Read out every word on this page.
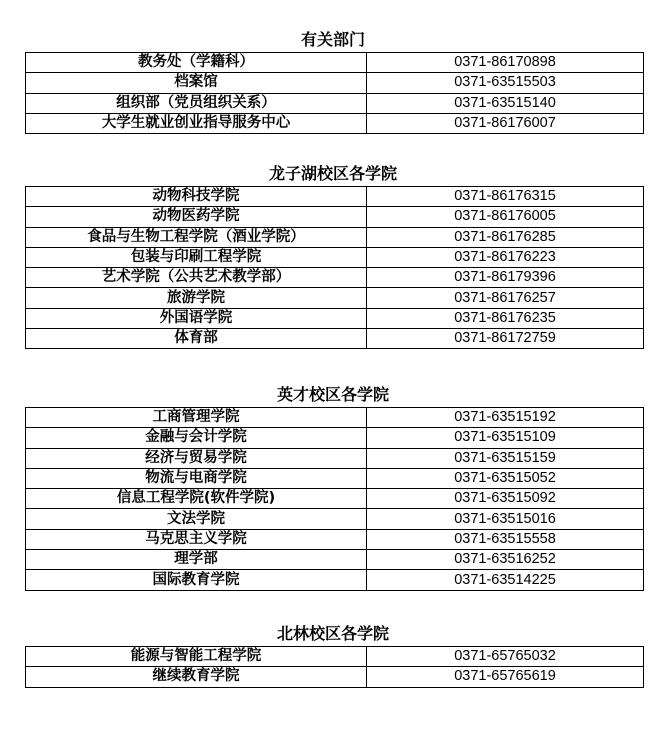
有关部门
教务处（学籍科）	0371-86170898
档案馆	0371-63515503
组织部（党员组织关系）	0371-63515140
大学生就业创业指导服务中心	0371-86176007
龙子湖校区各学院
动物科技学院	0371-86176315
动物医药学院	0371-86176005
食品与生物工程学院（酒业学院）	0371-86176285
包装与印刷工程学院	0371-86176223
艺术学院（公共艺术教学部）	0371-86179396
旅游学院	0371-86176257
外国语学院	0371-86176235
体育部	0371-86172759
英才校区各学院
工商管理学院	0371-63515192
金融与会计学院	0371-63515109
经济与贸易学院	0371-63515159
物流与电商学院	0371-63515052
信息工程学院(软件学院)	0371-63515092
文法学院	0371-63515016
马克思主义学院	0371-63515558
理学部	0371-63516252
国际教育学院	0371-63514225
北林校区各学院
能源与智能工程学院	0371-65765032
继续教育学院	0371-65765619
